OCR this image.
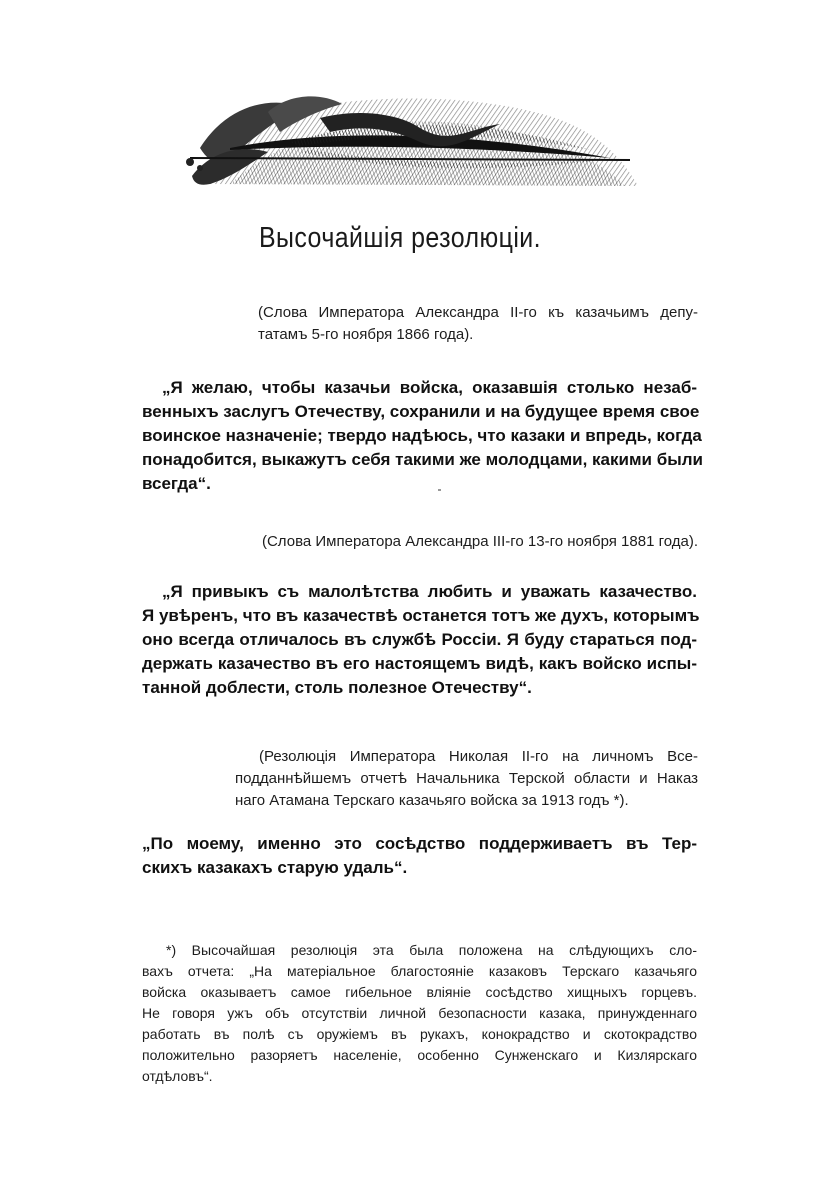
Высочайшія резолюціи.
(Слова Императора Александра II-го къ казачьимъ депу-
татамъ 5-го ноября 1866 года).
„Я желаю, чтобы казачьи войска, оказавшія столько незаб-
венныхъ заслугъ Отечеству, сохранили и на будущее время свое
воинское назначеніе; твердо надѣюсь, что казаки и впредь, когда
понадобится, выкажутъ себя такими же молодцами, какими были
всегда“.
(Слова Императора Александра III-го 13-го ноября 1881 года).
„Я привыкъ съ малолѣтства любить и уважать казачество.
Я увѣренъ, что въ казачествѣ останется тотъ же духъ, которымъ
оно всегда отличалось въ службѣ Россіи. Я буду стараться под-
держать казачество въ его настоящемъ видѣ, какъ войско испы-
танной доблести, столь полезное Отечеству“.
(Резолюція Императора Николая II-го на личномъ Все-
подданнѣйшемъ отчетѣ Начальника Терской области и Наказ
наго Атамана Терскаго казачьяго войска за 1913 годъ *).
„По моему, именно это сосѣдство поддерживаетъ въ Тер-
скихъ казакахъ старую удаль“.
*) Высочайшая резолюція эта была положена на слѣдующихъ сло-
вахъ отчета: „На матеріальное благостояніе казаковъ Терскаго казачьяго
войска оказываетъ самое гибельное вліяніе сосѣдство хищныхъ горцевъ.
Не говоря ужъ объ отсутствіи личной безопасности казака, принужденнаго
работать въ полѣ съ оружіемъ въ рукахъ, конокрадство и скотокрадство
положительно разоряетъ населеніе, особенно Сунженскаго и Кизлярскаго
отдѣловъ“.
